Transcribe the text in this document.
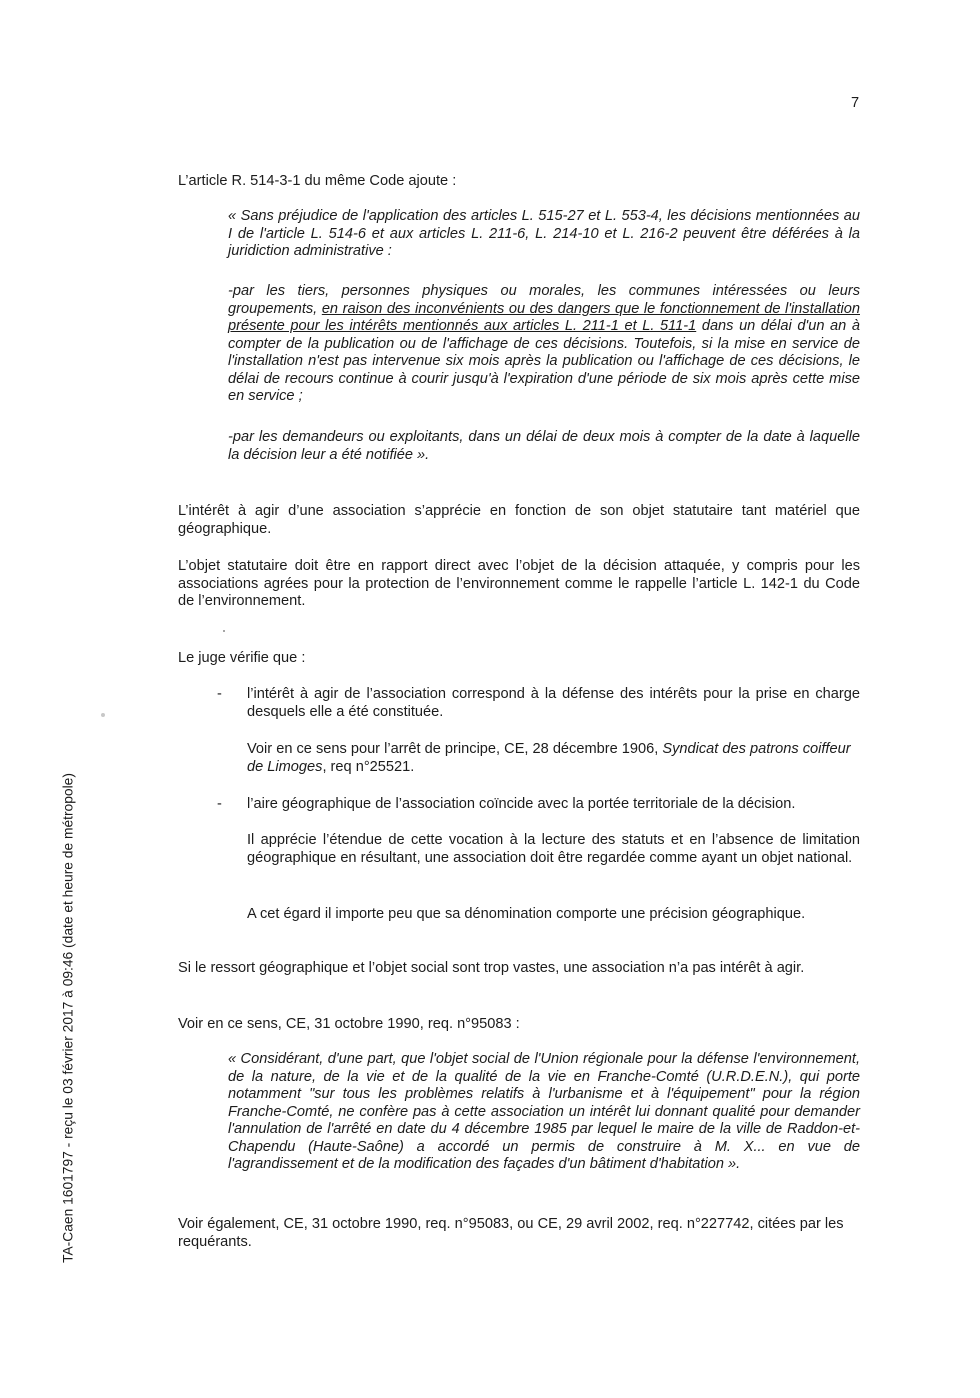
7
TA-Caen 1601797 - reçu le 03 février 2017 à 09:46 (date et heure de métropole)
L’article R. 514-3-1 du même Code ajoute :
« Sans préjudice de l'application des articles L. 515-27 et L. 553-4, les décisions mentionnées au I de l'article L. 514-6 et aux articles L. 211-6, L. 214-10 et L. 216-2 peuvent être déférées à la juridiction administrative :
-par les tiers, personnes physiques ou morales, les communes intéressées ou leurs groupements, en raison des inconvénients ou des dangers que le fonctionnement de l'installation présente pour les intérêts mentionnés aux articles L. 211-1 et L. 511-1 dans un délai d'un an à compter de la publication ou de l'affichage de ces décisions. Toutefois, si la mise en service de l'installation n'est pas intervenue six mois après la publication ou l'affichage de ces décisions, le délai de recours continue à courir jusqu'à l'expiration d'une période de six mois après cette mise en service ;
-par les demandeurs ou exploitants, dans un délai de deux mois à compter de la date à laquelle la décision leur a été notifiée ».
L’intérêt à agir d’une association s’apprécie en fonction de son objet statutaire tant matériel que géographique.
L’objet statutaire doit être en rapport direct avec l’objet de la décision attaquée, y compris pour les associations agrées pour la protection de l’environnement comme le rappelle l’article L. 142-1 du Code de l’environnement.
Le juge vérifie que :
- l’intérêt à agir de l’association correspond à la défense des intérêts pour la prise en charge desquels elle a été constituée.
Voir en ce sens pour l’arrêt de principe, CE, 28 décembre 1906, Syndicat des patrons coiffeur de Limoges, req n°25521.
- l’aire géographique de l’association coïncide avec la portée territoriale de la décision.
Il apprécie l’étendue de cette vocation à la lecture des statuts et en l’absence de limitation géographique en résultant, une association doit être regardée comme ayant un objet national.
A cet égard il importe peu que sa dénomination comporte une précision géographique.
Si le ressort géographique et l’objet social sont trop vastes, une association n’a pas intérêt à agir.
Voir en ce sens, CE, 31 octobre 1990, req. n°95083 :
« Considérant, d'une part, que l'objet social de l'Union régionale pour la défense l'environnement, de la nature, de la vie et de la qualité de la vie en Franche-Comté (U.R.D.E.N.), qui porte notamment "sur tous les problèmes relatifs à l'urbanisme et à l'équipement" pour la région Franche-Comté, ne confère pas à cette association un intérêt lui donnant qualité pour demander l'annulation de l'arrêté en date du 4 décembre 1985 par lequel le maire de la ville de Raddon-et-Chapendu (Haute-Saône) a accordé un permis de construire à M. X... en vue de l'agrandissement et de la modification des façades d'un bâtiment d'habitation ».
Voir également, CE, 31 octobre 1990, req. n°95083, ou CE, 29 avril 2002, req. n°227742, citées par les requérants.
